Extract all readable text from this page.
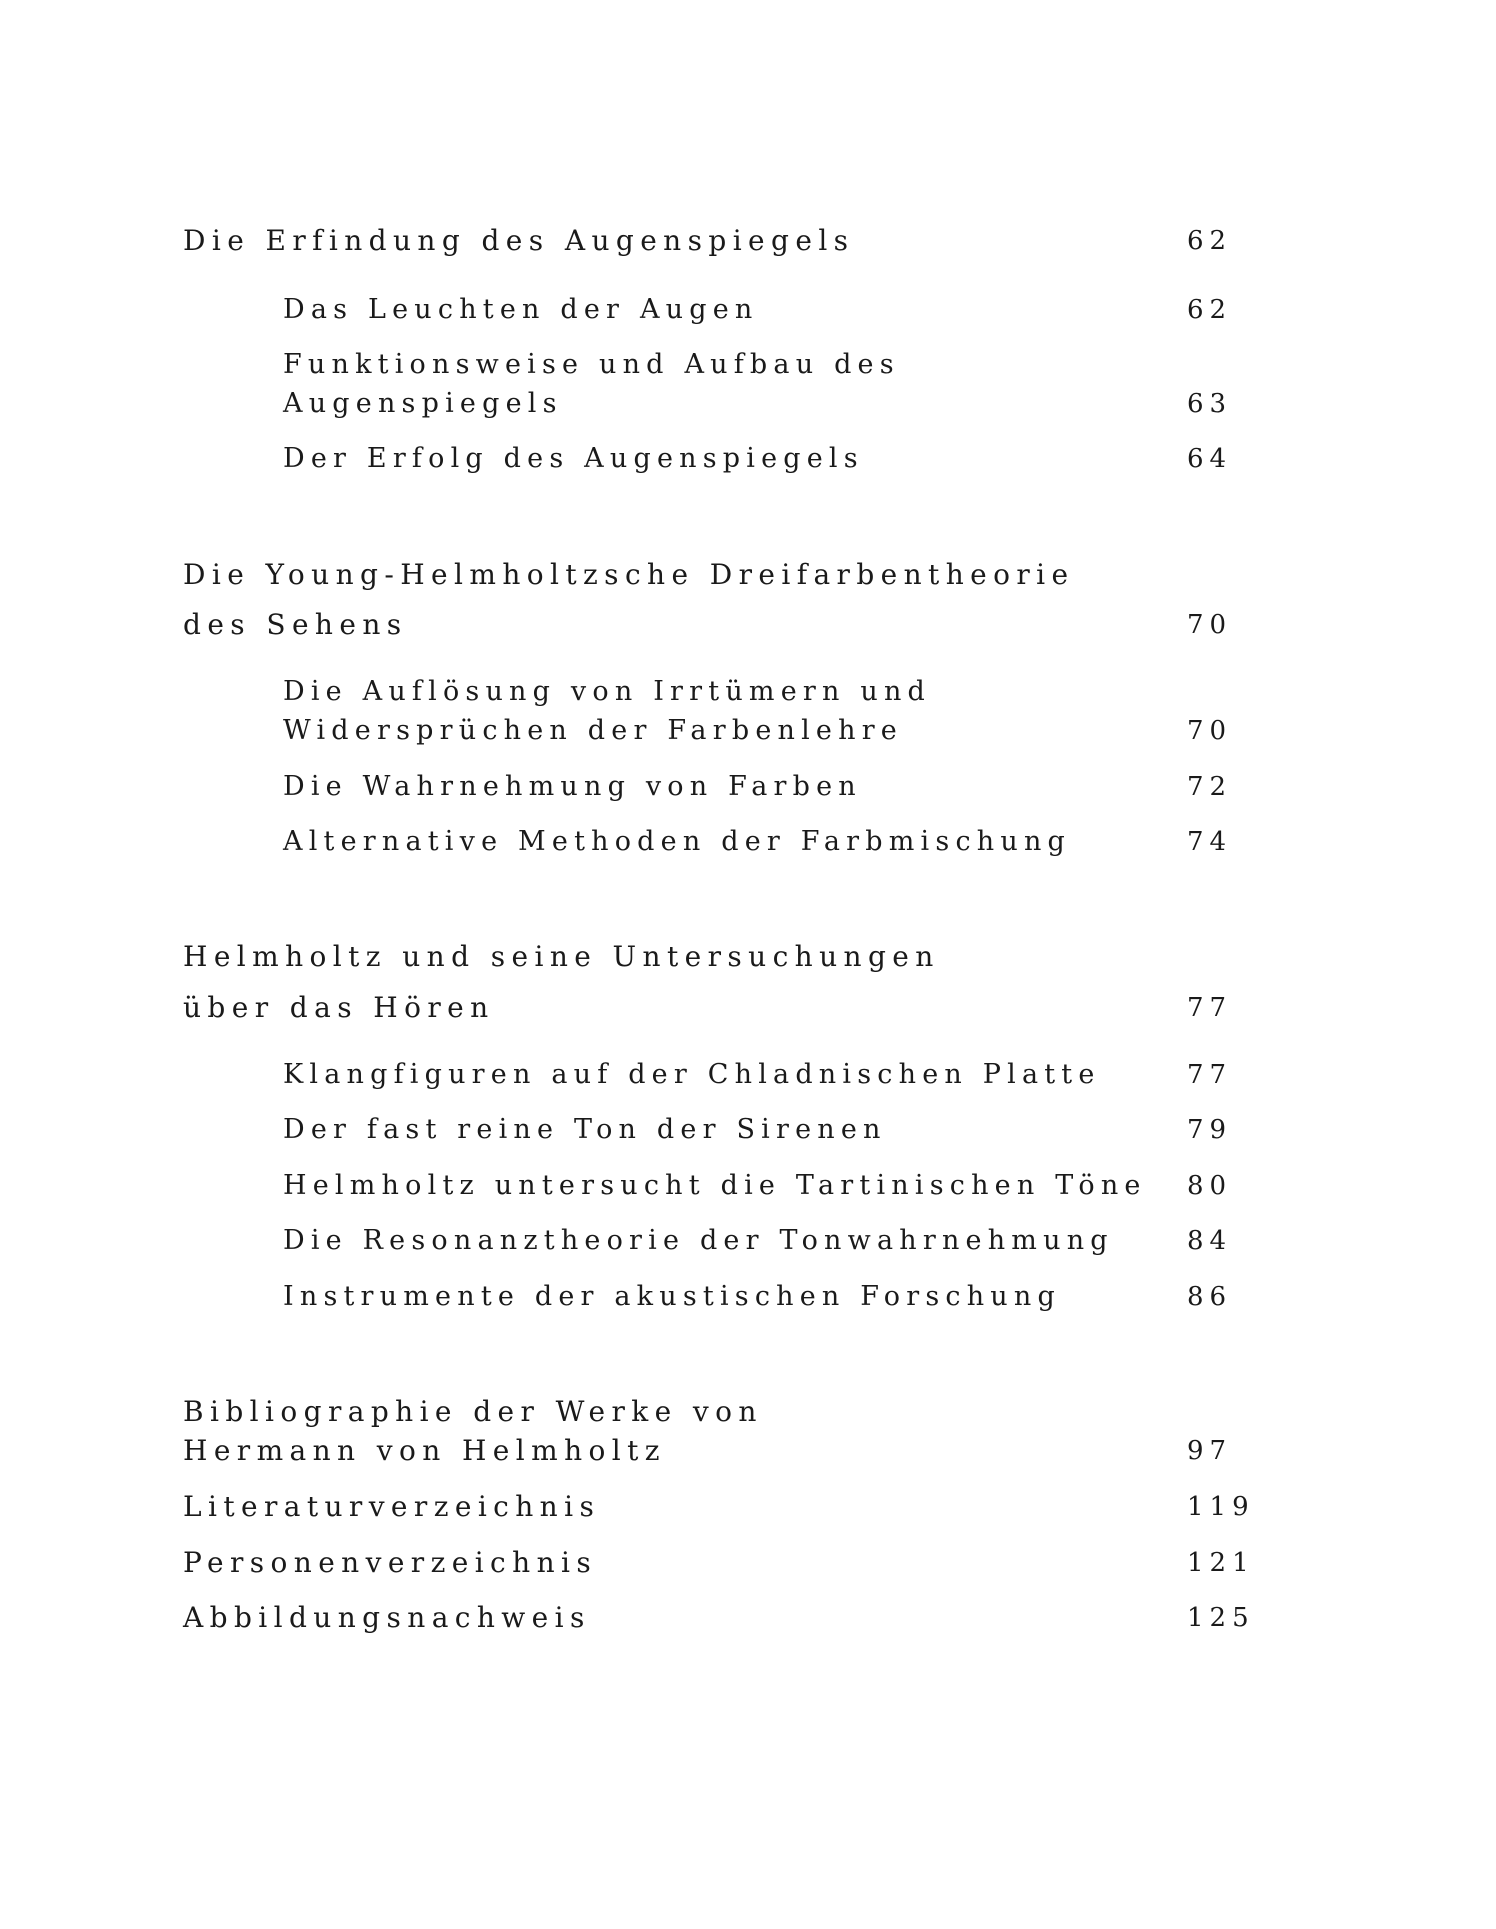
Die Erfindung des Augenspiegels	62
Das Leuchten der Augen	62
Funktionsweise und Aufbau des
Augenspiegels	63
Der Erfolg des Augenspiegels	64
Die Young-Helmholtzsche Dreifarbentheorie
des Sehens	70
Die Auflösung von Irrtümern und
Widersprüchen der Farbenlehre	70
Die Wahrnehmung von Farben	72
Alternative Methoden der Farbmischung	74
Helmholtz und seine Untersuchungen
über das Hören	77
Klangfiguren auf der Chladnischen Platte	77
Der fast reine Ton der Sirenen	79
Helmholtz untersucht die Tartinischen Töne 80
Die Resonanztheorie der Tonwahrnehmung	84
Instrumente der akustischen Forschung	86
Bibliographie der Werke von
Hermann von Helmholtz	97
Literaturverzeichnis	119
Personenverzeichnis	121
Abbildungsnachweis	125
